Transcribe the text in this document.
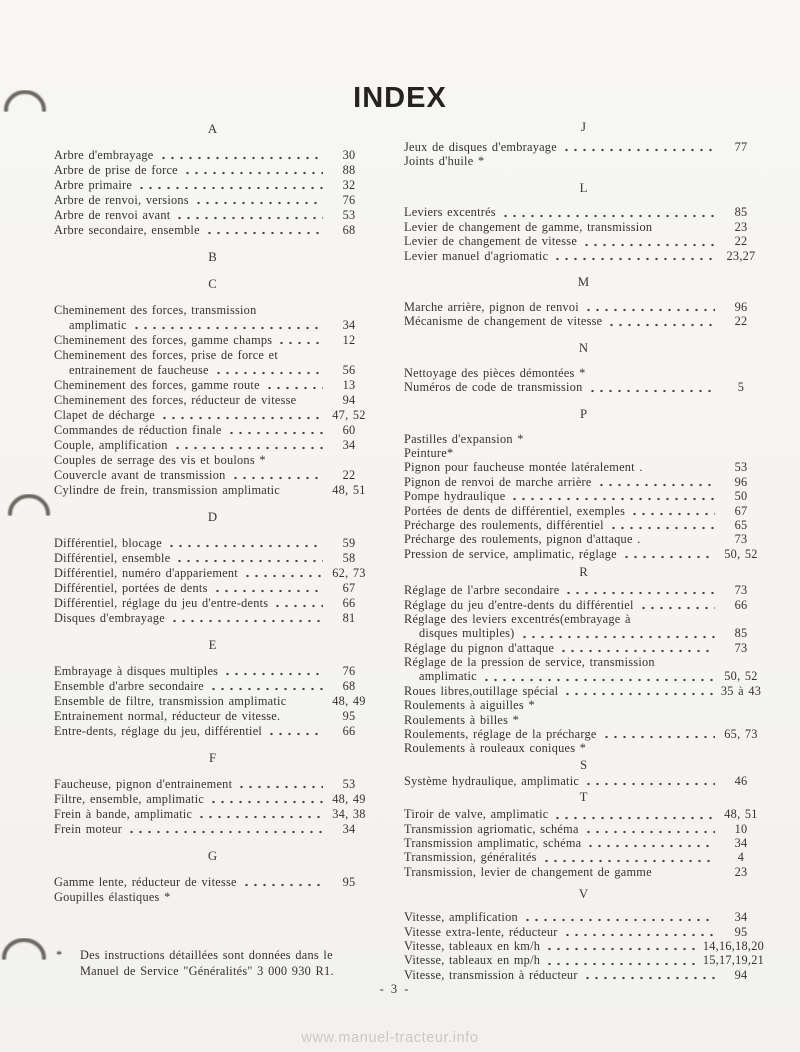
INDEX
A
Arbre d'embrayage	30
Arbre de prise de force	88
Arbre primaire	32
Arbre de renvoi, versions	76
Arbre de renvoi avant	53
Arbre secondaire, ensemble	68
B
C
Cheminement des forces, transmission
amplimatic	34
Cheminement des forces, gamme champs	12
Cheminement des forces, prise de force et
entrainement de faucheuse	56
Cheminement des forces, gamme route	13
Cheminement des forces, réducteur de vitesse	94
Clapet de décharge	47, 52
Commandes de réduction finale	60
Couple, amplification	34
Couples de serrage des vis et boulons *
Couvercle avant de transmission	22
Cylindre de frein, transmission amplimatic	48, 51
D
Différentiel, blocage	59
Différentiel, ensemble	58
Différentiel, numéro d'appariement	62, 73
Différentiel, portées de dents	67
Différentiel, réglage du jeu d'entre-dents	66
Disques d'embrayage	81
E
Embrayage à disques multiples	76
Ensemble d'arbre secondaire	68
Ensemble de filtre, transmission amplimatic	48, 49
Entrainement normal, réducteur de vitesse.	95
Entre-dents, réglage du jeu, différentiel	66
F
Faucheuse, pignon d'entrainement	53
Filtre, ensemble, amplimatic	48, 49
Frein à bande, amplimatic	34, 38
Frein moteur	34
G
Gamme lente, réducteur de vitesse	95
Goupilles élastiques *
J
Jeux de disques d'embrayage	77
Joints d'huile *
L
Leviers excentrés	85
Levier de changement de gamme, transmission	23
Levier de changement de vitesse	22
Levier manuel d'agriomatic	23,27
M
Marche arrière, pignon de renvoi	96
Mécanisme de changement de vitesse	22
N
Nettoyage des pièces démontées *
Numéros de code de transmission	5
P
Pastilles d'expansion *
Peinture*
Pignon pour faucheuse montée latéralement .	53
Pignon de renvoi de marche arrière	96
Pompe hydraulique	50
Portées de dents de différentiel, exemples	67
Précharge des roulements, différentiel	65
Précharge des roulements, pignon d'attaque .	73
Pression de service, amplimatic, réglage	50, 52
R
Réglage de l'arbre secondaire	73
Réglage du jeu d'entre-dents du différentiel	66
Réglage des leviers excentrés(embrayage à
disques multiples)	85
Réglage du pignon d'attaque	73
Réglage de la pression de service, transmission
amplimatic	50, 52
Roues libres,outillage spécial	35 à 43
Roulements à aiguilles *
Roulements à billes *
Roulements, réglage de la précharge	65, 73
Roulements à rouleaux coniques *
S
Système hydraulique, amplimatic	46
T
Tiroir de valve, amplimatic	48, 51
Transmission agriomatic, schéma	10
Transmission amplimatic, schéma	34
Transmission, généralités	4
Transmission, levier de changement de gamme	23
V
Vitesse, amplification	34
Vitesse extra-lente, réducteur	95
Vitesse, tableaux en km/h	14,16,18,20
Vitesse, tableaux en mp/h	15,17,19,21
Vitesse, transmission à réducteur	94
*	Des instructions détaillées sont données dans le
Manuel de Service "Généralités" 3 000 930 R1.
- 3 -
www.manuel-tracteur.info
